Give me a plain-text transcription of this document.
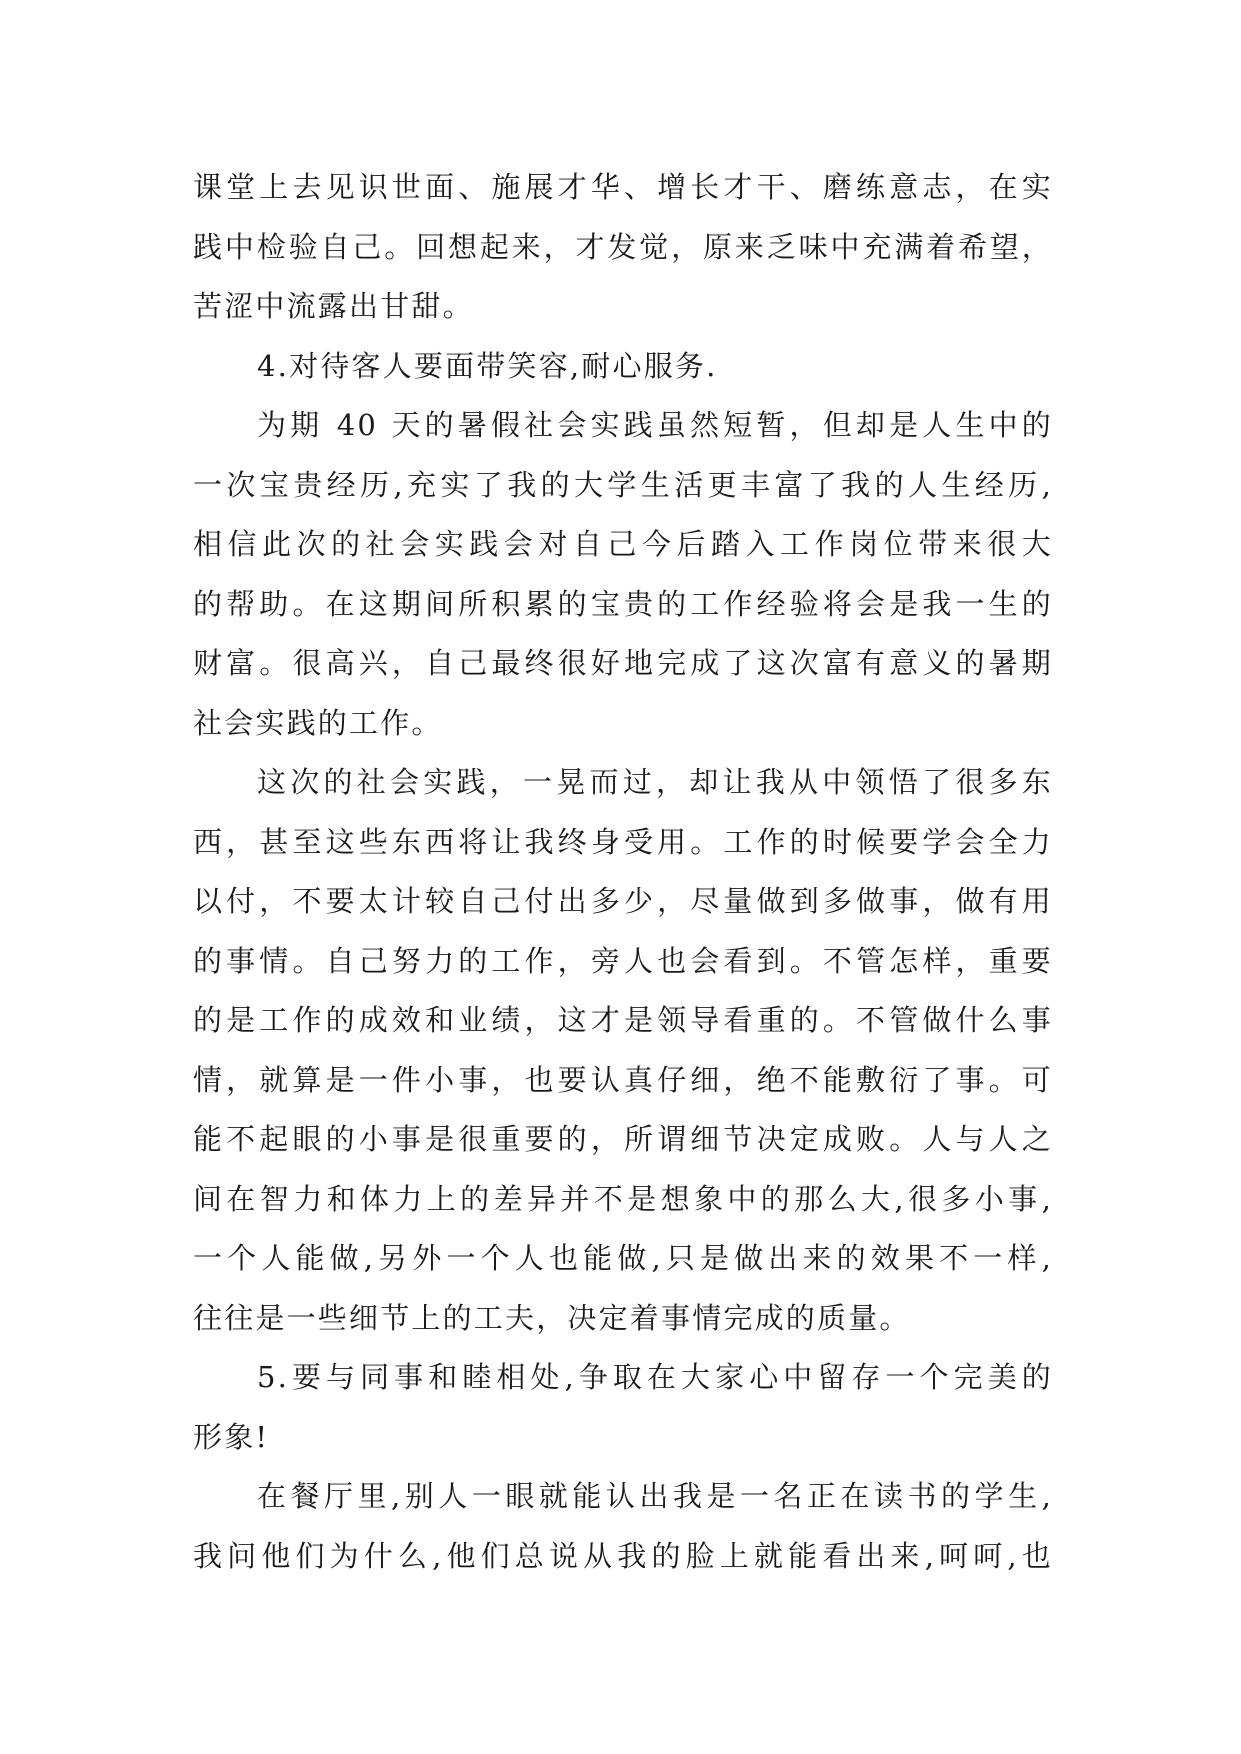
课堂上去见识世面、施展才华、增长才干、磨练意志，在实
践中检验自己。回想起来，才发觉，原来乏味中充满着希望，
苦涩中流露出甘甜。
4.对待客人要面带笑容,耐心服务.
为期 40 天的暑假社会实践虽然短暂，但却是人生中的
一次宝贵经历,充实了我的大学生活更丰富了我的人生经历,
相信此次的社会实践会对自己今后踏入工作岗位带来很大
的帮助。在这期间所积累的宝贵的工作经验将会是我一生的
财富。很高兴，自己最终很好地完成了这次富有意义的暑期
社会实践的工作。
这次的社会实践，一晃而过，却让我从中领悟了很多东
西，甚至这些东西将让我终身受用。工作的时候要学会全力
以付，不要太计较自己付出多少，尽量做到多做事，做有用
的事情。自己努力的工作，旁人也会看到。不管怎样，重要
的是工作的成效和业绩，这才是领导看重的。不管做什么事
情，就算是一件小事，也要认真仔细，绝不能敷衍了事。可
能不起眼的小事是很重要的，所谓细节决定成败。人与人之
间在智力和体力上的差异并不是想象中的那么大,很多小事,
一个人能做,另外一个人也能做,只是做出来的效果不一样,
往往是一些细节上的工夫，决定着事情完成的质量。
5.要与同事和睦相处,争取在大家心中留存一个完美的
形象!
在餐厅里,别人一眼就能认出我是一名正在读书的学生,
我问他们为什么,他们总说从我的脸上就能看出来,呵呵,也
